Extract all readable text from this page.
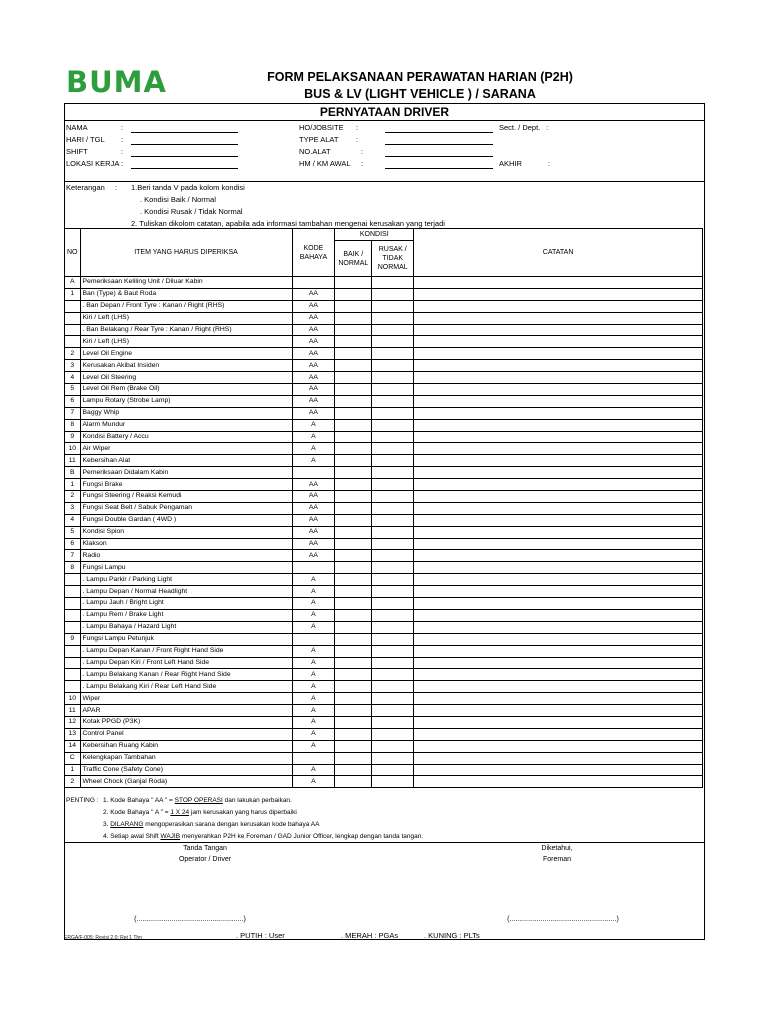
BUMA	FORM PELAKSANAAN PERAWATAN HARIAN (P2H)
BUS & LV (LIGHT VEHICLE ) / SARANA
PERNYATAAN DRIVER
NAMA	:
HARI / TGL :
SHIFT	:
LOKASI KERJA :
HO/JOBSITE :
TYPE ALAT :
NO.ALAT	:
HM / KM AWAL :
Sect. / Dept. :
AKHIR	:
Keterangan : 1.Beri tanda V pada kolom kondisi
. Kondisi Baik / Normal
. Kondisi Rusak / Tidak Normal
2. Tuliskan dikolom catatan, apabila ada informasi tambahan mengenai kerusakan yang terjadi
NO	ITEM YANG HARUS DIPERIKSA	KODE BAHAYA	KONDISI		CATATAN
			BAIK / NORMAL	RUSAK / TIDAK NORMAL	
A	Pemeriksaan Keliling Unit / Diluar Kabin				
1	Ban (Type) & Baut Roda	AA			
	. Ban Depan / Front Tyre : Kanan / Right (RHS)	AA			
	Kiri / Left (LHS)	AA			
	. Ban Belakang / Rear Tyre : Kanan / Right (RHS)	AA			
	Kiri / Left (LHS)	AA			
2	Level Oil Engine	AA			
3	Kerusakan Akibat Insiden	AA			
4	Level Oil Steering	AA			
5	Level Oil Rem (Brake Oil)	AA			
6	Lampu Rotary (Strobe Lamp)	AA			
7	Baggy Whip	AA			
8	Alarm Mundur	A			
9	Kondisi Battery / Accu	A			
10	Air Wiper	A			
11	Kebersihan Alat	A			
B	Pemeriksaan Didalam Kabin				
1	Fungsi Brake	AA			
2	Fungsi Steering / Reaksi Kemudi	AA			
3	Fungsi Seat Belt / Sabuk Pengaman	AA			
4	Fungsi Double Gardan ( 4WD )	AA			
5	Kondisi Spion	AA			
6	Klakson	AA			
7	Radio	AA			
8	Fungsi Lampu				
	. Lampu Parkir / Parking Light	A			
	. Lampu Depan / Normal Headlight	A			
	. Lampu Jauh / Bright Light	A			
	. Lampu Rem / Brake Light	A			
	. Lampu Bahaya / Hazard Light	A			
9	Fungsi Lampu Petunjuk				
	. Lampu Depan Kanan / Front Right Hand Side	A			
	. Lampu Depan Kiri / Front Left Hand Side	A			
	. Lampu Belakang Kanan / Rear Right Hand Side	A			
	. Lampu Belakang Kiri / Rear Left Hand Side	A			
10	Wiper	A			
11	APAR	A			
12	Kotak PPGD (P3K)	A			
13	Control Panel	A			
14	Kebersihan Ruang Kabin	A			
C	Kelengkapan Tambahan				
1	Traffic Cone (Safety Cone)	A			
2	Wheel Chock (Ganjal Roda)	A			
PENTING : 1. Kode Bahaya " AA " = STOP OPERASI dan lakukan perbaikan.
2. Kode Bahaya " A " = 1 X 24 jam kerusakan yang harus diperbaiki
3. DILARANG mengoperasikan sarana dengan kerusakan kode bahaya AA
4. Setiap awal Shift WAJIB menyerahkan P2H ke Foreman / GAD Junior Officer, lengkap dengan tanda tangan.
Tanda Tangan
Operator / Driver
Diketahui,
Foreman
(.......................................................)	(.......................................................)
ERGA/F-005; Revisi 2.0: Ret 1 Thn	. PUTIH : User	. MERAH : PGAs	. KUNING : PLTs
